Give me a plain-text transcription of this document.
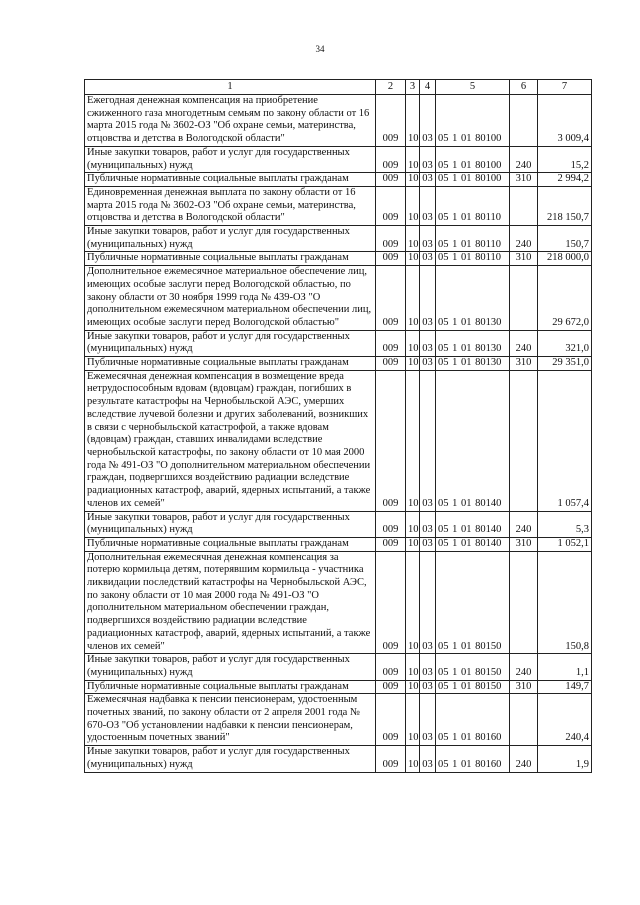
34
1	2	3	4	5	6	7
Ежегодная денежная компенсация на приобретение сжиженного газа многодетным семьям по закону области от 16 марта 2015 года № 3602-ОЗ "Об охране семьи, материнства, отцовства и детства в Вологодской области"	009	10	03	05 1 01 80100		3 009,4
Иные закупки товаров, работ и услуг для государственных (муниципальных) нужд	009	10	03	05 1 01 80100	240	15,2
Публичные нормативные социальные выплаты гражданам	009	10	03	05 1 01 80100	310	2 994,2
Единовременная денежная выплата по закону области от 16 марта 2015 года № 3602-ОЗ "Об охране семьи, материнства, отцовства и детства в Вологодской области"	009	10	03	05 1 01 80110		218 150,7
Иные закупки товаров, работ и услуг для государственных (муниципальных) нужд	009	10	03	05 1 01 80110	240	150,7
Публичные нормативные социальные выплаты гражданам	009	10	03	05 1 01 80110	310	218 000,0
Дополнительное ежемесячное материальное обеспечение лиц, имеющих особые заслуги перед Вологодской областью, по закону области от 30 ноября 1999 года № 439-ОЗ "О дополнительном ежемесячном материальном обеспечении лиц, имеющих особые заслуги перед Вологодской областью"	009	10	03	05 1 01 80130		29 672,0
Иные закупки товаров, работ и услуг для государственных (муниципальных) нужд	009	10	03	05 1 01 80130	240	321,0
Публичные нормативные социальные выплаты гражданам	009	10	03	05 1 01 80130	310	29 351,0
Ежемесячная денежная компенсация в возмещение вреда нетрудоспособным вдовам (вдовцам) граждан, погибших в результате катастрофы на Чернобыльской АЭС, умерших вследствие лучевой болезни и других заболеваний, возникших в связи с чернобыльской катастрофой, а также вдовам (вдовцам) граждан, ставших инвалидами вследствие чернобыльской катастрофы, по закону области от 10 мая 2000 года № 491-ОЗ "О дополнительном материальном обеспечении граждан, подвергшихся воздействию радиации вследствие радиационных катастроф, аварий, ядерных испытаний, а также членов их семей"	009	10	03	05 1 01 80140		1 057,4
Иные закупки товаров, работ и услуг для государственных (муниципальных) нужд	009	10	03	05 1 01 80140	240	5,3
Публичные нормативные социальные выплаты гражданам	009	10	03	05 1 01 80140	310	1 052,1
Дополнительная ежемесячная денежная компенсация за потерю кормильца детям, потерявшим кормильца - участника ликвидации последствий катастрофы на Чернобыльской АЭС, по закону области от 10 мая 2000 года № 491-ОЗ "О дополнительном материальном обеспечении граждан, подвергшихся воздействию радиации вследствие радиационных катастроф, аварий, ядерных испытаний, а также членов их семей"	009	10	03	05 1 01 80150		150,8
Иные закупки товаров, работ и услуг для государственных (муниципальных) нужд	009	10	03	05 1 01 80150	240	1,1
Публичные нормативные социальные выплаты гражданам	009	10	03	05 1 01 80150	310	149,7
Ежемесячная надбавка к пенсии пенсионерам, удостоенным почетных званий, по закону области от 2 апреля 2001 года № 670-ОЗ "Об установлении надбавки к пенсии пенсионерам, удостоенным почетных званий"	009	10	03	05 1 01 80160		240,4
Иные закупки товаров, работ и услуг для государственных (муниципальных) нужд	009	10	03	05 1 01 80160	240	1,9
